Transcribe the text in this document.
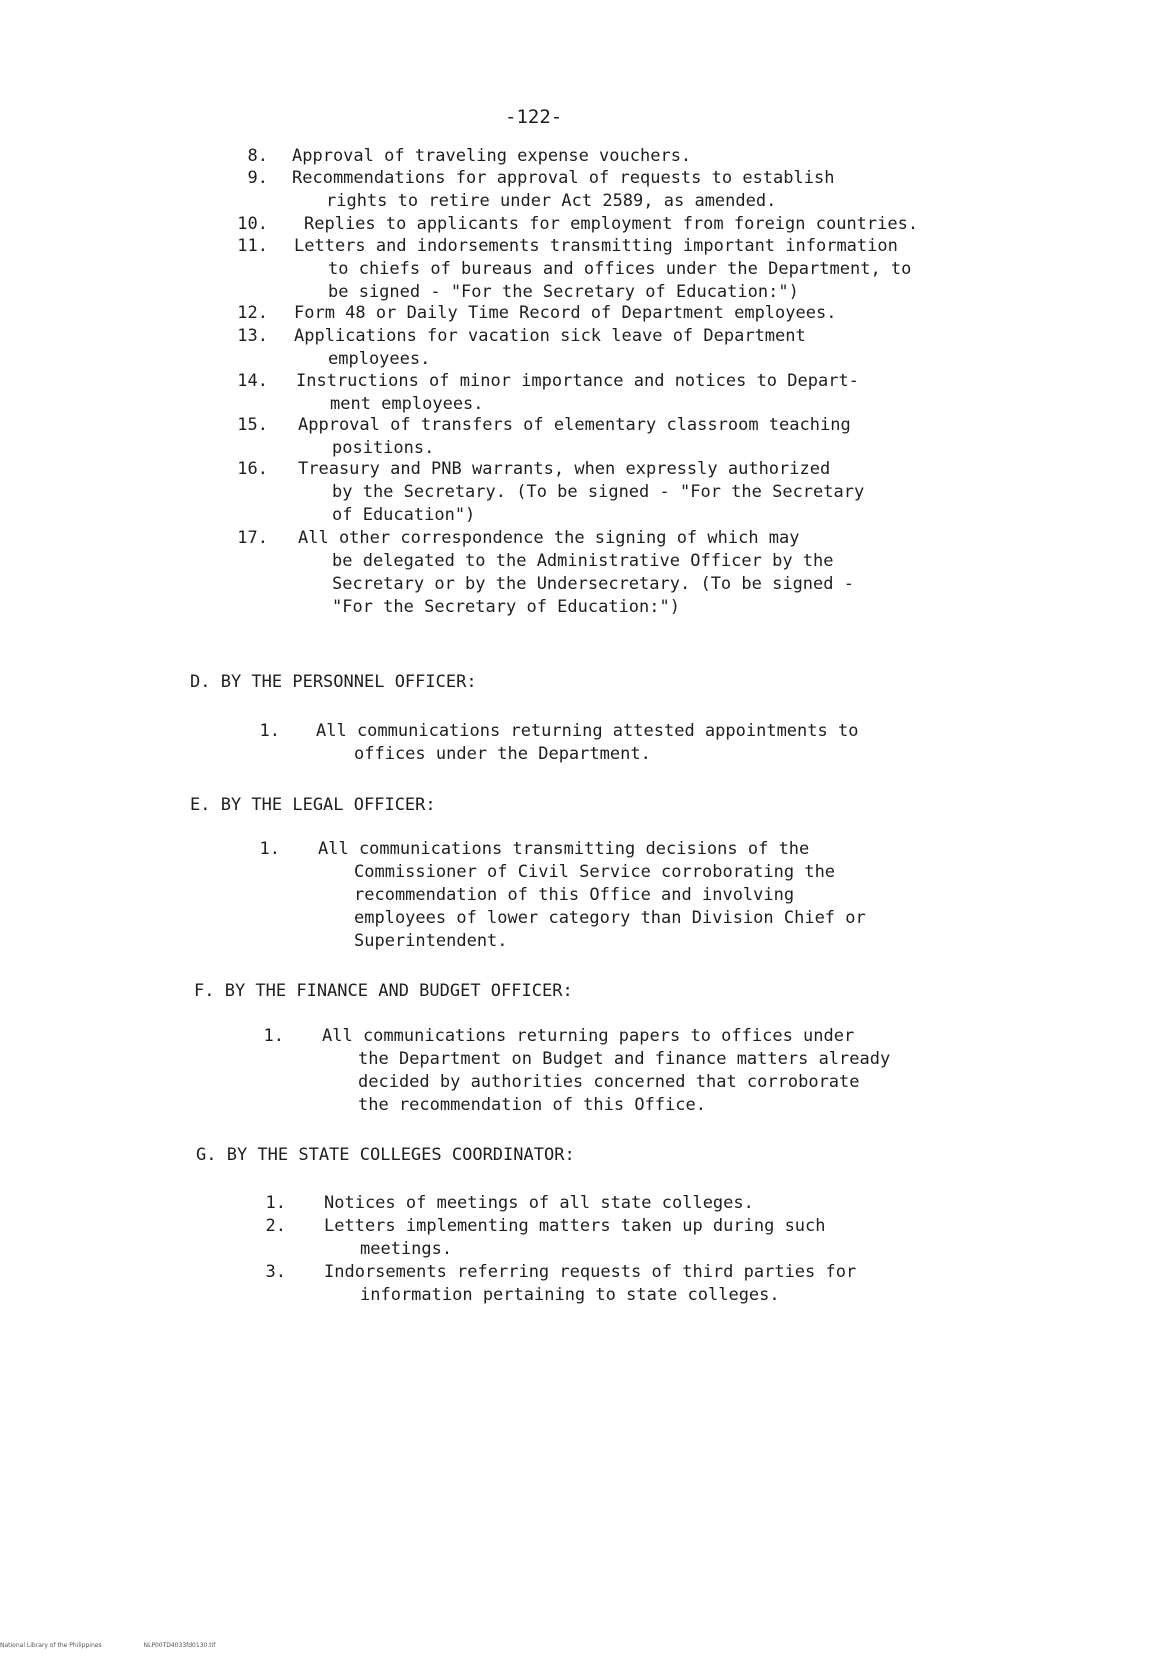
-122-
8. Approval of traveling expense vouchers.
9. Recommendations for approval of requests to establish
rights to retire under Act 2589, as amended.
10. Replies to applicants for employment from foreign countries.
11. Letters and indorsements transmitting important information
to chiefs of bureaus and offices under the Department, to
be signed - "For the Secretary of Education:")
12. Form 48 or Daily Time Record of Department employees.
13. Applications for vacation sick leave of Department
employees.
14. Instructions of minor importance and notices to Depart-
ment employees.
15. Approval of transfers of elementary classroom teaching
positions.
16. Treasury and PNB warrants, when expressly authorized
by the Secretary. (To be signed - "For the Secretary
of Education")
17. All other correspondence the signing of which may
be delegated to the Administrative Officer by the
Secretary or by the Undersecretary. (To be signed -
"For the Secretary of Education:")
D. BY THE PERSONNEL OFFICER:
1. All communications returning attested appointments to
offices under the Department.
E. BY THE LEGAL OFFICER:
1. All communications transmitting decisions of the
Commissioner of Civil Service corroborating the
recommendation of this Office and involving
employees of lower category than Division Chief or
Superintendent.
F. BY THE FINANCE AND BUDGET OFFICER:
1. All communications returning papers to offices under
the Department on Budget and finance matters already
decided by authorities concerned that corroborate
the recommendation of this Office.
G. BY THE STATE COLLEGES COORDINATOR:
1. Notices of meetings of all state colleges.
2. Letters implementing matters taken up during such
meetings.
3. Indorsements referring requests of third parties for
information pertaining to state colleges.
National Library of the Philippines	NLP00TD4033fd0130.tif
